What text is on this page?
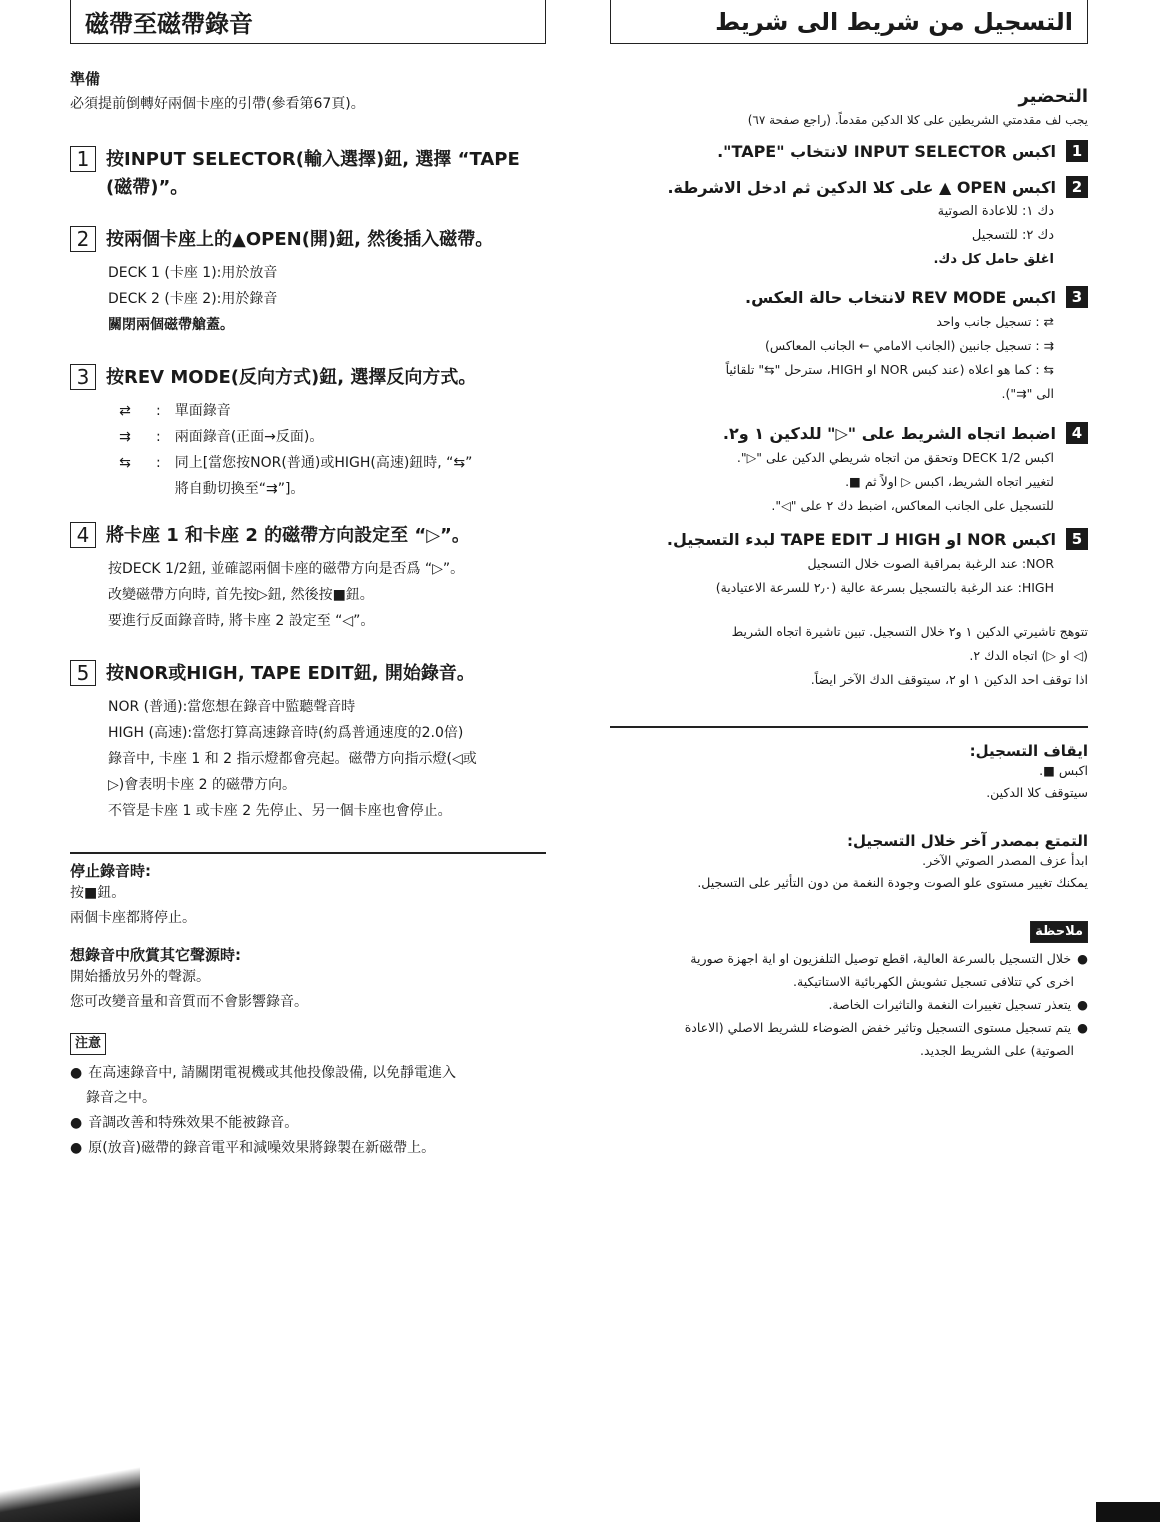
磁帶至磁帶錄音
準備
必須提前倒轉好兩個卡座的引帶(參看第67頁)。
1 按INPUT SELECTOR(輸入選擇)鈕, 選擇 “TAPE (磁帶)”。
2 按兩個卡座上的▲OPEN(開)鈕, 然後插入磁帶。
DECK 1 (卡座 1):用於放音
DECK 2 (卡座 2):用於錄音
關閉兩個磁帶艙蓋。
3 按REV MODE(反向方式)鈕, 選擇反向方式。
⇄	: 單面錄音
⇉	: 兩面錄音(正面→反面)。
⇆	: 同上[當您按NOR(普通)或HIGH(高速)鈕時, “⇆”
將自動切換至“⇉”]。
4 將卡座 1 和卡座 2 的磁帶方向設定至 “▷”。
按DECK 1/2鈕, 並確認兩個卡座的磁帶方向是否爲 “▷”。
改變磁帶方向時, 首先按▷鈕, 然後按■鈕。
要進行反面錄音時, 將卡座 2 設定至 “◁”。
5 按NOR或HIGH, TAPE EDIT鈕, 開始錄音。
NOR (普通):當您想在錄音中監聽聲音時
HIGH (高速):當您打算高速錄音時(約爲普通速度的2.0倍)
錄音中, 卡座 1 和 2 指示燈都會亮起。磁帶方向指示燈(◁或
▷)會表明卡座 2 的磁帶方向。
不管是卡座 1 或卡座 2 先停止、另一個卡座也會停止。
停止錄音時:
按■鈕。
兩個卡座都將停止。
想錄音中欣賞其它聲源時:
開始播放另外的聲源。
您可改變音量和音質而不會影響錄音。
注意
● 在高速錄音中, 請關閉電視機或其他投像設備, 以免靜電進入
錄音之中。
● 音調改善和特殊效果不能被錄音。
● 原(放音)磁帶的錄音電平和減噪效果將錄製在新磁帶上。
التسجيل من شريط الى شريط
التحضير
يجب لف مقدمتي الشريطين على كلا الدكين مقدماً. (راجع صفحة ٦٧)
1
اكبس INPUT SELECTOR لانتخاب "TAPE".
2
اكبس OPEN ▲ على كلا الدكين ثم ادخل الاشرطة.
دك ١: للاعادة الصوتية
دك ٢: للتسجيل
اغلق حامل كل دك.
3
اكبس REV MODE لانتخاب حالة العكس.
⇄ : تسجيل جانب واحد
⇉ : تسجيل جانبين (الجانب الامامي ← الجانب المعاكس)
⇆ : كما هو اعلاه (عند كبس NOR او HIGH، سترحل "⇆" تلقائياً
الى "⇉").
4
اضبط اتجاه الشريط على "▷" للدكين ١ و٢.
اكبس DECK 1/2 وتحقق من اتجاه شريطي الدكين على "▷".
لتغيير اتجاه الشريط، اكبس ▷ اولاً ثم ■.
للتسجيل على الجانب المعاكس، اضبط دك ٢ على "◁".
5
اكبس NOR او HIGH لـ TAPE EDIT لبدء التسجيل.
NOR: عند الرغبة بمراقبة الصوت خلال التسجيل
HIGH: عند الرغبة بالتسجيل بسرعة عالية (٢٫٠ للسرعة الاعتيادية)
تتوهج تاشيرتي الدكين ١ و٢ خلال التسجيل. تبين تاشيرة اتجاه الشريط
(◁ او ▷) اتجاه الدك ٢.
اذا توقف احد الدكين ١ او ٢، سيتوقف الدك الآخر ايضاً.
ايقاف التسجيل:
اكبس ■.
سيتوقف كلا الدكين.
التمتع بمصدر آخر خلال التسجيل:
ابدأ عزف المصدر الصوتي الآخر.
يمكنك تغيير مستوى علو الصوت وجودة النغمة من دون التأثير على التسجيل.
ملاحظة
●
خلال التسجيل بالسرعة العالية، اقطع توصيل التلفزيون او اية اجهزة صورية
اخرى كي تتلافى تسجيل تشويش الكهربائية الاستاتيكية.
●
يتعذر تسجيل تغييرات النغمة والتاثيرات الخاصة.
●
يتم تسجيل مستوى التسجيل وتاثير خفض الضوضاء للشريط الاصلي (الاعادة
الصوتية) على الشريط الجديد.
